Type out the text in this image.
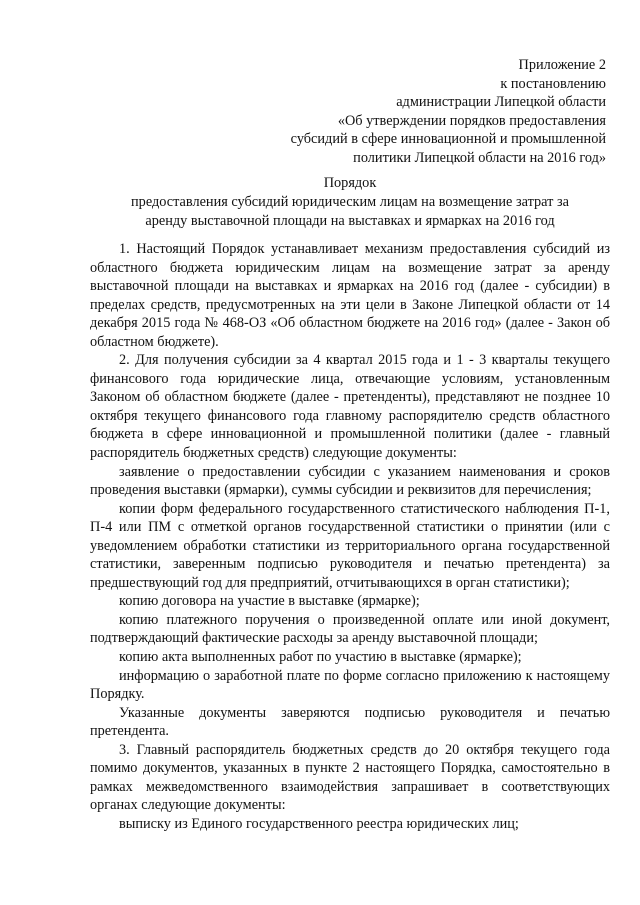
Приложение 2
к постановлению
администрации Липецкой области
«Об утверждении порядков предоставления
субсидий в сфере инновационной и промышленной
политики Липецкой области на 2016 год»
Порядок
предоставления субсидий юридическим лицам на возмещение затрат за аренду выставочной площади на выставках и ярмарках на 2016 год

1. Настоящий Порядок устанавливает механизм предоставления субсидий из областного бюджета юридическим лицам на возмещение затрат за аренду выставочной площади на выставках и ярмарках на 2016 год (далее - субсидии) в пределах средств, предусмотренных на эти цели в Законе Липецкой области от 14 декабря 2015 года № 468-ОЗ «Об областном бюджете на 2016 год» (далее - Закон об областном бюджете).

2. Для получения субсидии за 4 квартал 2015 года и 1 - 3 кварталы текущего финансового года юридические лица, отвечающие условиям, установленным Законом об областном бюджете (далее - претенденты), представляют не позднее 10 октября текущего финансового года главному распорядителю средств областного бюджета в сфере инновационной и промышленной политики (далее - главный распорядитель бюджетных средств) следующие документы:

заявление о предоставлении субсидии с указанием наименования и сроков проведения выставки (ярмарки), суммы субсидии и реквизитов для перечисления;

копии форм федерального государственного статистического наблюдения П-1, П-4 или ПМ с отметкой органов государственной статистики о принятии (или с уведомлением обработки статистики из территориального органа государственной статистики, заверенным подписью руководителя и печатью претендента) за предшествующий год для предприятий, отчитывающихся в орган статистики);

копию договора на участие в выставке (ярмарке);

копию платежного поручения о произведенной оплате или иной документ, подтверждающий фактические расходы за аренду выставочной площади;

копию акта выполненных работ по участию в выставке (ярмарке);

информацию о заработной плате по форме согласно приложению к настоящему Порядку.

Указанные документы заверяются подписью руководителя и печатью претендента.

3. Главный распорядитель бюджетных средств до 20 октября текущего года помимо документов, указанных в пункте 2 настоящего Порядка, самостоятельно в рамках межведомственного взаимодействия запрашивает в соответствующих органах следующие документы:

выписку из Единого государственного реестра юридических лиц;
